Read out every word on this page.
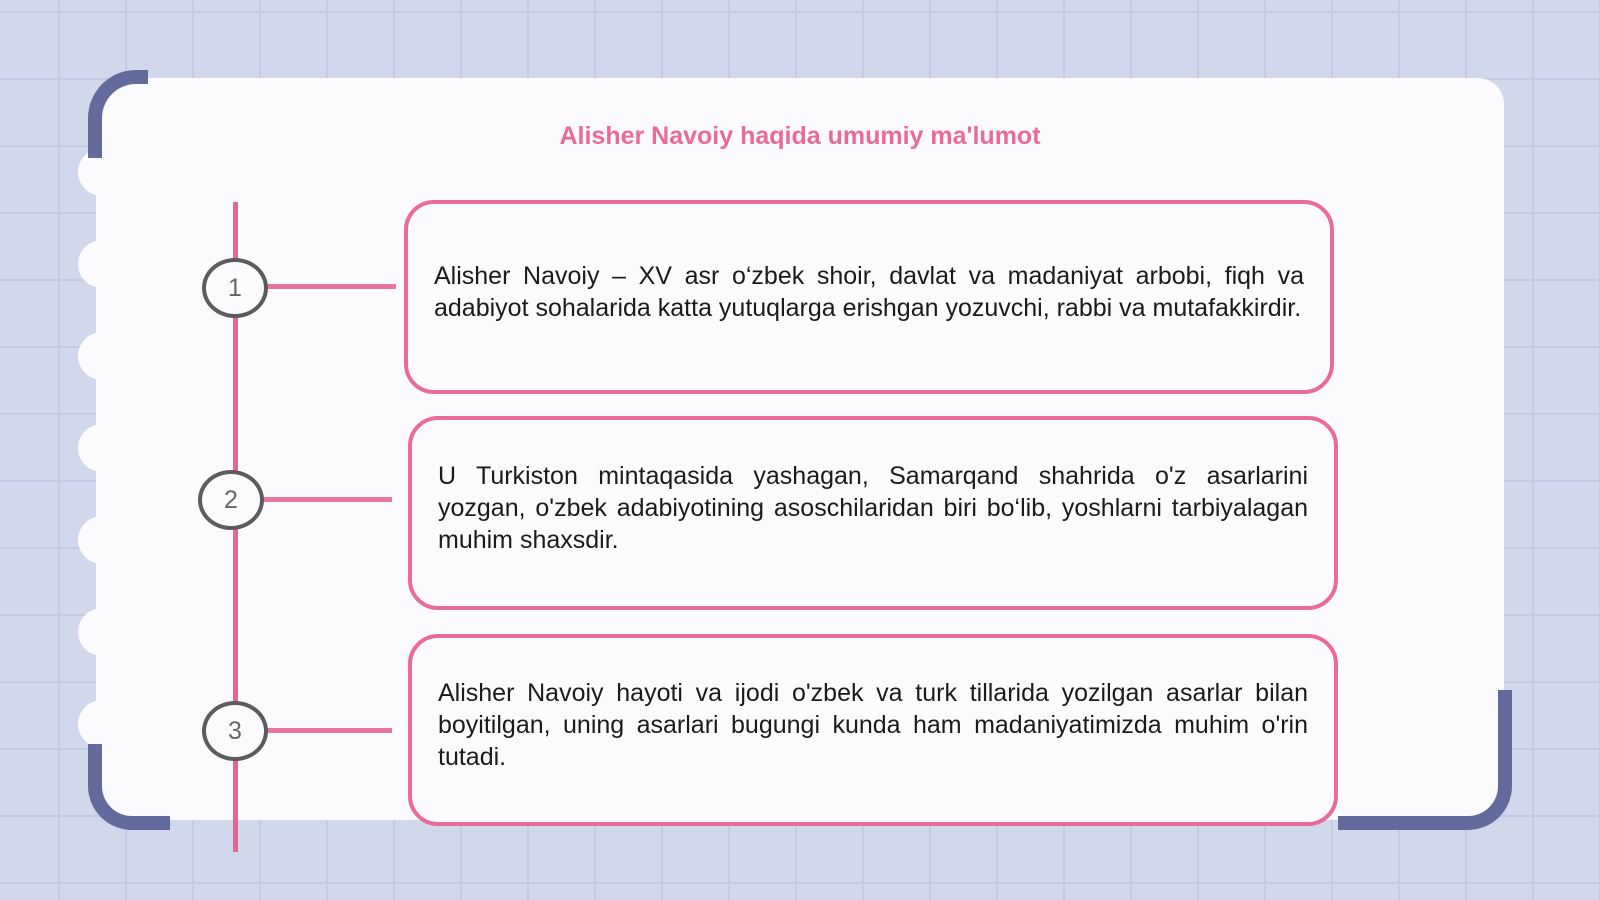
Alisher Navoiy haqida umumiy ma'lumot
1
2
3
Alisher Navoiy – XV asr o‘zbek shoir, davlat va madaniyat arbobi, fiqh va adabiyot sohalarida katta yutuqlarga erishgan yozuvchi, rabbi va mutafakkirdir.
U Turkiston mintaqasida yashagan, Samarqand shahrida o'z asarlarini yozgan, o'zbek adabiyotining asoschilaridan biri bo‘lib, yoshlarni tarbiyalagan muhim shaxsdir.
Alisher Navoiy hayoti va ijodi o'zbek va turk tillarida yozilgan asarlar bilan boyitilgan, uning asarlari bugungi kunda ham madaniyatimizda muhim o'rin tutadi.
